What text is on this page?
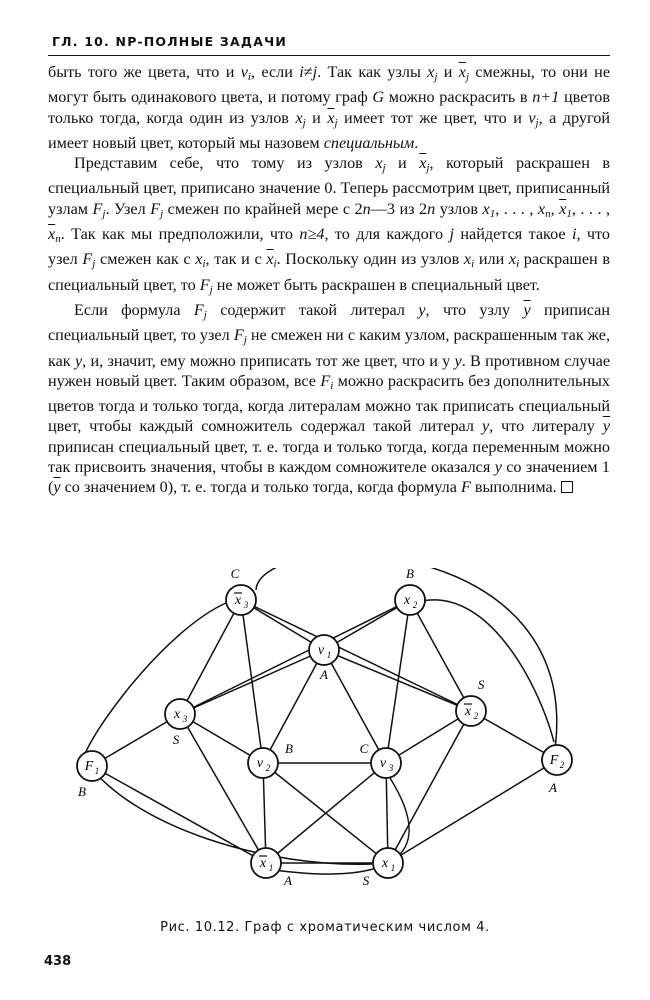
ГЛ. 10. NP-ПОЛНЫЕ ЗАДАЧИ

быть того же цвета, что и $v_i$, если i≠j. Так как узлы $x_j$ и $\overline{x}_j$ смежны, то они не могут быть одинакового цвета, и потому граф G можно раскрасить в n+1 цветов только тогда, когда один из узлов $x_j$ и $\overline{x}_j$ имеет тот же цвет, что и $v_j$, а другой имеет новый цвет, который мы назовем специальным.

Представим себе, что тому из узлов $x_j$ и $\overline{x}_j$, который раскрашен в специальный цвет, приписано значение 0. Теперь рассмотрим цвет, приписанный узлам $F_j$. Узел $F_j$ смежен по крайней мере с 2n—3 из 2n узлов $x_1$, . . . , $x_n$, $\overline{x}_1$, . . . , $\overline{x}_n$. Так как мы предположили, что n≥4, то для каждого j найдется такое i, что узел $F_j$ смежен как с $x_i$, так и с $\overline{x}_i$. Поскольку один из узлов $x_i$ или $x_i$ раскрашен в специальный цвет, то $F_j$ не может быть раскрашен в специальный цвет.

Если формула $F_j$ содержит такой литерал y, что узлу $\overline{y}$ приписан специальный цвет, то узел $F_j$ не смежен ни с каким узлом, раскрашенным так же, как y, и, значит, ему можно приписать тот же цвет, что и у y. В противном случае нужен новый цвет. Таким образом, все $F_i$ можно раскрасить без дополнительных цветов тогда и только тогда, когда литералам можно так приписать специальный цвет, чтобы каждый сомножитель содержал такой литерал y, что литералу $\overline{y}$ приписан специальный цвет, т. е. тогда и только тогда, когда переменным можно так присвоить значения, чтобы в каждом сомножителе оказался y со значением 1 ($\overline{y}$ со значением 0), т. е. тогда и только тогда, когда формула F выполнима.

x 3
C
x 2
B
v 1
A
x 3
S
x 2
S
F 1
B
v 2
B
v 3
C
F 2
A
x 1
A
x 1
S
Рис. 10.12. Граф с хроматическим числом 4.
438
